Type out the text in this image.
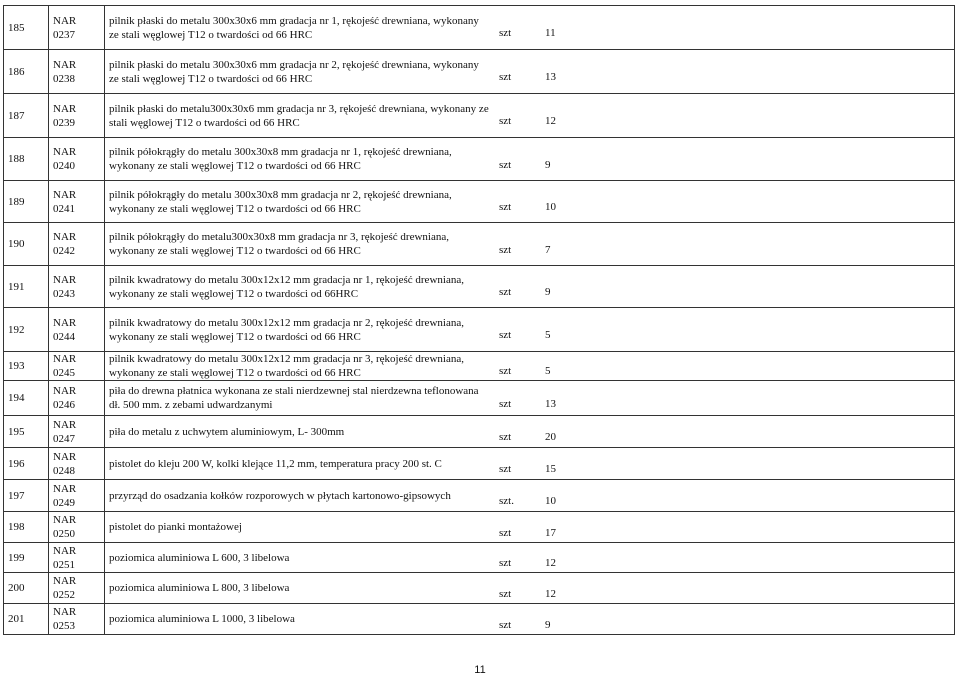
185	NAR 0237	pilnik płaski do metalu 300x30x6 mm gradacja nr 1, rękojeść drewniana, wykonany ze stali węglowej T12 o twardości od 66 HRC szt 11

186	NAR 0238	pilnik płaski do metalu 300x30x6 mm gradacja nr 2, rękojeść drewniana, wykonany ze stali węglowej T12 o twardości od 66 HRC szt 13

187	NAR 0239	pilnik płaski do metalu300x30x6 mm gradacja nr 3, rękojeść drewniana, wykonany ze stali węglowej T12 o twardości od 66 HRC szt 12

188	NAR 0240	pilnik półokrągły do metalu 300x30x8 mm gradacja nr 1, rękojeść drewniana, wykonany ze stali węglowej T12 o twardości od 66 HRC szt 9

189	NAR 0241	pilnik półokrągły do metalu 300x30x8 mm gradacja nr 2, rękojeść drewniana, wykonany ze stali węglowej T12 o twardości od 66 HRC szt 10

190	NAR 0242	pilnik półokrągły do metalu300x30x8 mm gradacja nr 3, rękojeść drewniana, wykonany ze stali węglowej T12 o twardości od 66 HRC szt 7

191	NAR 0243	pilnik kwadratowy do metalu 300x12x12 mm gradacja nr 1, rękojeść drewniana, wykonany ze stali węglowej T12 o twardości od 66HRC szt 9

192	NAR 0244	pilnik kwadratowy do metalu 300x12x12 mm gradacja nr 2, rękojeść drewniana, wykonany ze stali węglowej T12 o twardości od 66 HRC szt 5

193	NAR 0245	pilnik kwadratowy do metalu 300x12x12 mm gradacja nr 3, rękojeść drewniana, wykonany ze stali węglowej T12 o twardości od 66 HRC szt 5

194	NAR 0246	piła do drewna płatnica wykonana ze stali nierdzewnej stal nierdzewna teflonowana dł. 500 mm. z zebami udwardzanymi szt 13

195	NAR 0247	piła do metalu z uchwytem aluminiowym, L- 300mm szt 20

196	NAR 0248	pistolet do kleju 200 W, kolki klejące 11,2 mm, temperatura pracy 200 st. C szt 15

197	NAR 0249	przyrząd do osadzania kołków rozporowych w płytach kartonowo-gipsowych szt. 10

198	NAR 0250	pistolet do pianki montażowej szt 17

199	NAR 0251	poziomica aluminiowa L 600, 3 libelowa szt 12

200	NAR 0252	poziomica aluminiowa L 800, 3 libelowa szt 12

201	NAR 0253	poziomica aluminiowa L 1000, 3 libelowa szt 9
11
